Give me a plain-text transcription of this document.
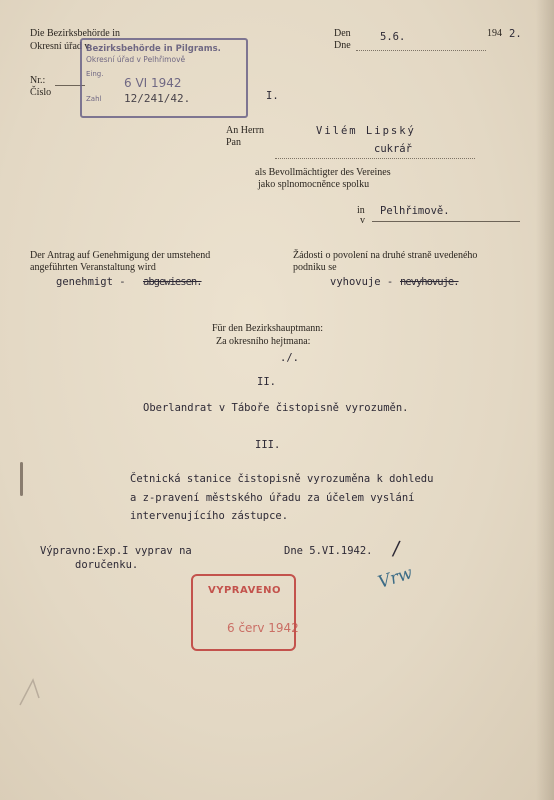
Die Bezirksbehörde in
Okresní úřad v
Nr.:
Číslo
Den
Dne
5.6.	194 2.
Bezirksbehörde in Pilgrams.
Okresní úřad v Pelhřimově
Eing.
6 VI 1942
Zahl 12/241/42.	I.
An Herrn
Pan
Vilém Lipský
cukrář
als Bevollmächtigter des Vereines
jako splnomocněnce spolku
in
v
Pelhřimově.
Der Antrag auf Genehmigung der umstehend
angeführten Veranstaltung wird
genehmigt - abgewiesen.
Žádosti o povolení na druhé straně uvedeného
podniku se
vyhovuje - nevyhovuje.
Für den Bezirkshauptmann:
Za okresního hejtmana:
./.
II.
Oberlandrat v Táboře čistopisně vyrozuměn.
III.
Četnická stanice čistopisně vyrozuměna k dohledu
a z-pravení městského úřadu za účelem vyslání
intervenujícího zástupce.
Výpravno:Exp.I vyprav na
doručenku.
Dne 5.VI.1942. /
Vrw
VYPRAVENO
6 červ 1942
